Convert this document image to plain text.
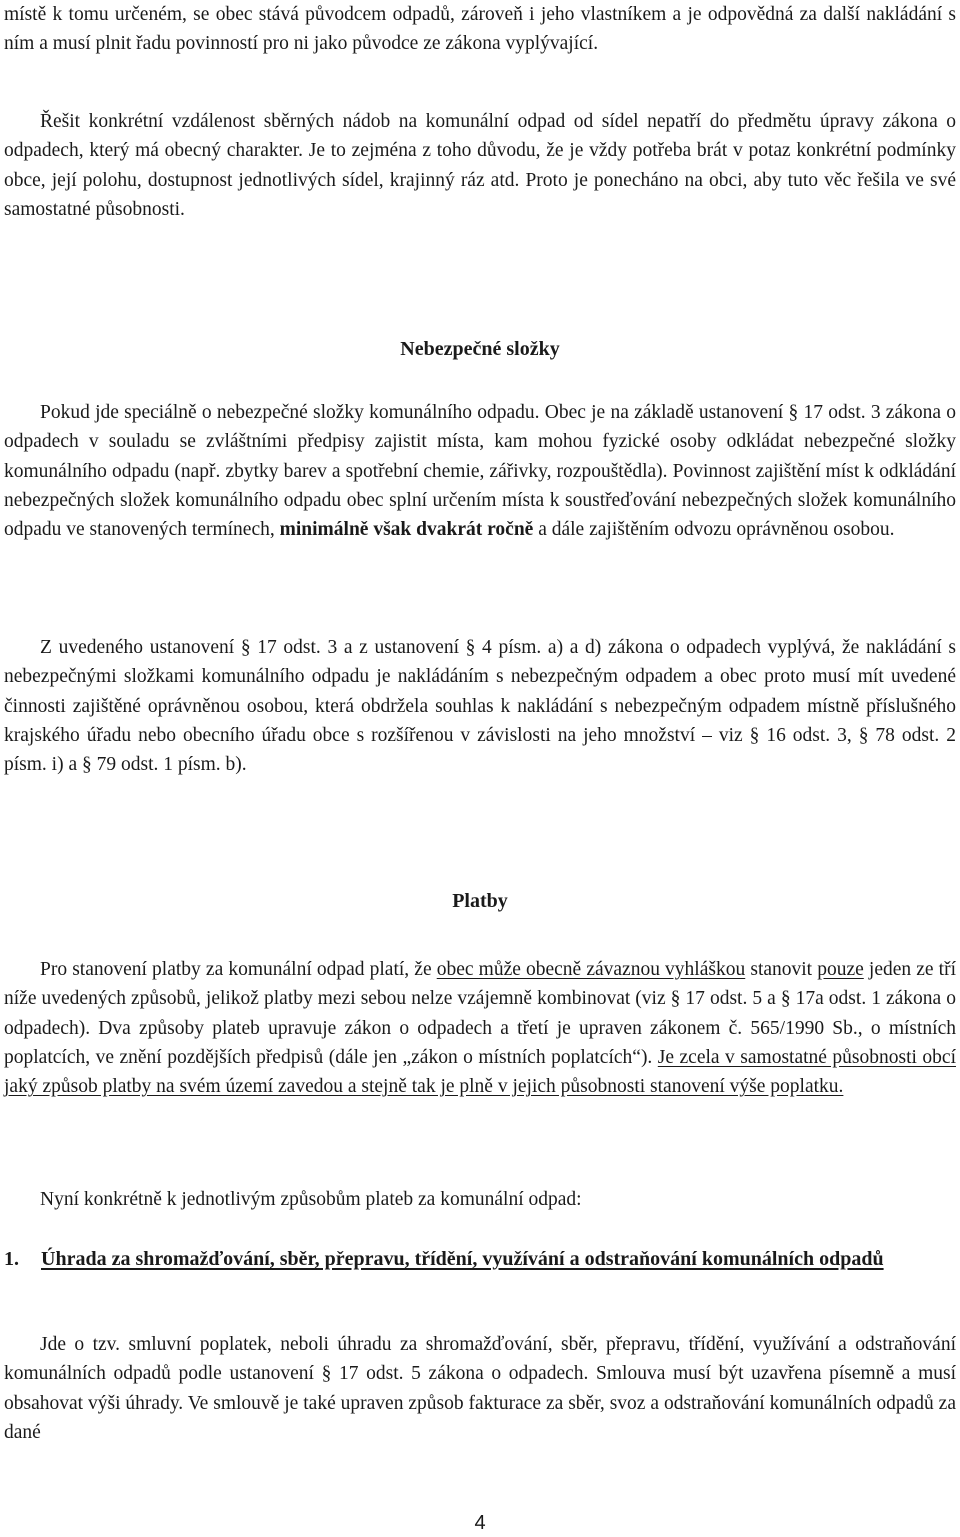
místě k tomu určeném, se obec stává původcem odpadů, zároveň i jeho vlastníkem a je odpovědná za další nakládání s ním a musí plnit řadu povinností pro ni jako původce ze zákona vyplývající.

Řešit konkrétní vzdálenost sběrných nádob na komunální odpad od sídel nepatří do předmětu úpravy zákona o odpadech, který má obecný charakter. Je to zejména z toho důvodu, že je vždy potřeba brát v potaz konkrétní podmínky obce, její polohu, dostupnost jednotlivých sídel, krajinný ráz atd. Proto je ponecháno na obci, aby tuto věc řešila ve své samostatné působnosti.

Nebezpečné složky

Pokud jde speciálně o nebezpečné složky komunálního odpadu. Obec je na základě ustanovení § 17 odst. 3 zákona o odpadech v souladu se zvláštními předpisy zajistit místa, kam mohou fyzické osoby odkládat nebezpečné složky komunálního odpadu (např. zbytky barev a spotřební chemie, zářivky, rozpouštědla). Povinnost zajištění míst k odkládání nebezpečných složek komunálního odpadu obec splní určením místa k soustřeďování nebezpečných složek komunálního odpadu ve stanovených termínech, minimálně však dvakrát ročně a dále zajištěním odvozu oprávněnou osobou.

Z uvedeného ustanovení § 17 odst. 3 a z ustanovení § 4 písm. a) a d) zákona o odpadech vyplývá, že nakládání s nebezpečnými složkami komunálního odpadu je nakládáním s nebezpečným odpadem a obec proto musí mít uvedené činnosti zajištěné oprávněnou osobou, která obdržela souhlas k nakládání s nebezpečným odpadem místně příslušného krajského úřadu nebo obecního úřadu obce s rozšířenou v závislosti na jeho množství – viz § 16 odst. 3, § 78 odst. 2 písm. i) a § 79 odst. 1 písm. b).

Platby

Pro stanovení platby za komunální odpad platí, že obec může obecně závaznou vyhláškou stanovit pouze jeden ze tří níže uvedených způsobů, jelikož platby mezi sebou nelze vzájemně kombinovat (viz § 17 odst. 5 a § 17a odst. 1 zákona o odpadech). Dva způsoby plateb upravuje zákon o odpadech a třetí je upraven zákonem č. 565/1990 Sb., o místních poplatcích, ve znění pozdějších předpisů (dále jen „zákon o místních poplatcích“). Je zcela v samostatné působnosti obcí jaký způsob platby na svém území zavedou a stejně tak je plně v jejich působnosti stanovení výše poplatku.

Nyní konkrétně k jednotlivým způsobům plateb za komunální odpad:

1. Úhrada za shromažďování, sběr, přepravu, třídění, využívání a odstraňování komunálních odpadů

Jde o tzv. smluvní poplatek, neboli úhradu za shromažďování, sběr, přepravu, třídění, využívání a odstraňování komunálních odpadů podle ustanovení § 17 odst. 5 zákona o odpadech. Smlouva musí být uzavřena písemně a musí obsahovat výši úhrady. Ve smlouvě je také upraven způsob fakturace za sběr, svoz a odstraňování komunálních odpadů za dané

4
